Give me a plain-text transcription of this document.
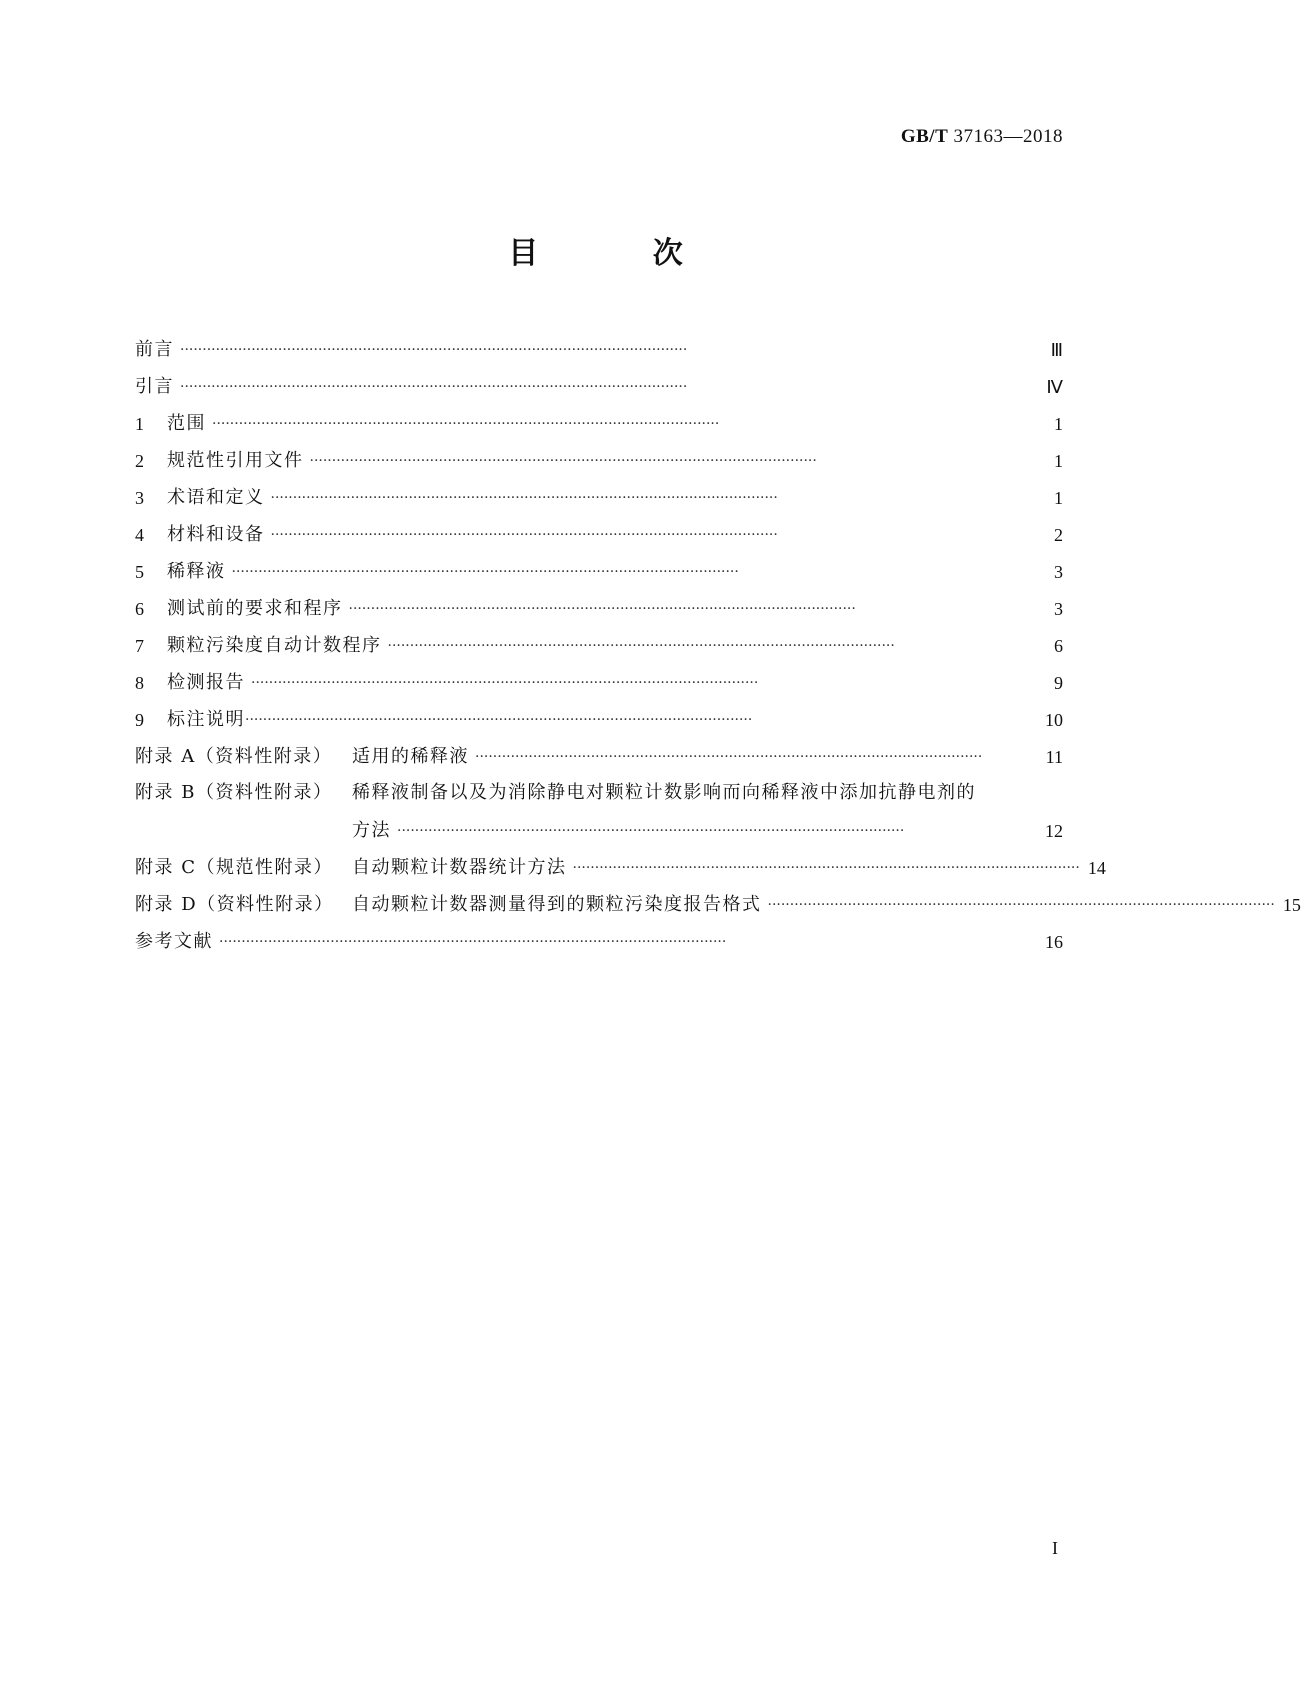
GB/T 37163—2018
目 次
前言 ··················································································································	Ⅲ
引言 ··················································································································	Ⅳ
1	范围 ··················································································································	1
2	规范性引用文件 ··················································································································	1
3	术语和定义 ··················································································································	1
4	材料和设备 ··················································································································	2
5	稀释液 ··················································································································	3
6	测试前的要求和程序 ··················································································································	3
7	颗粒污染度自动计数程序 ··················································································································	6
8	检测报告 ··················································································································	9
9	标注说明 ··················································································································	10
附录 A（资料性附录）	适用的稀释液 ··················································································································	11
附录 B（资料性附录）	稀释液制备以及为消除静电对颗粒计数影响而向稀释液中添加抗静电剂的
方法 ··················································································································	12
附录 C（规范性附录）	自动颗粒计数器统计方法 ·················································································································· 14
附录 D（资料性附录）	自动颗粒计数器测量得到的颗粒污染度报告格式 ·················································································································· 15
参考文献 ··················································································································	16
I
